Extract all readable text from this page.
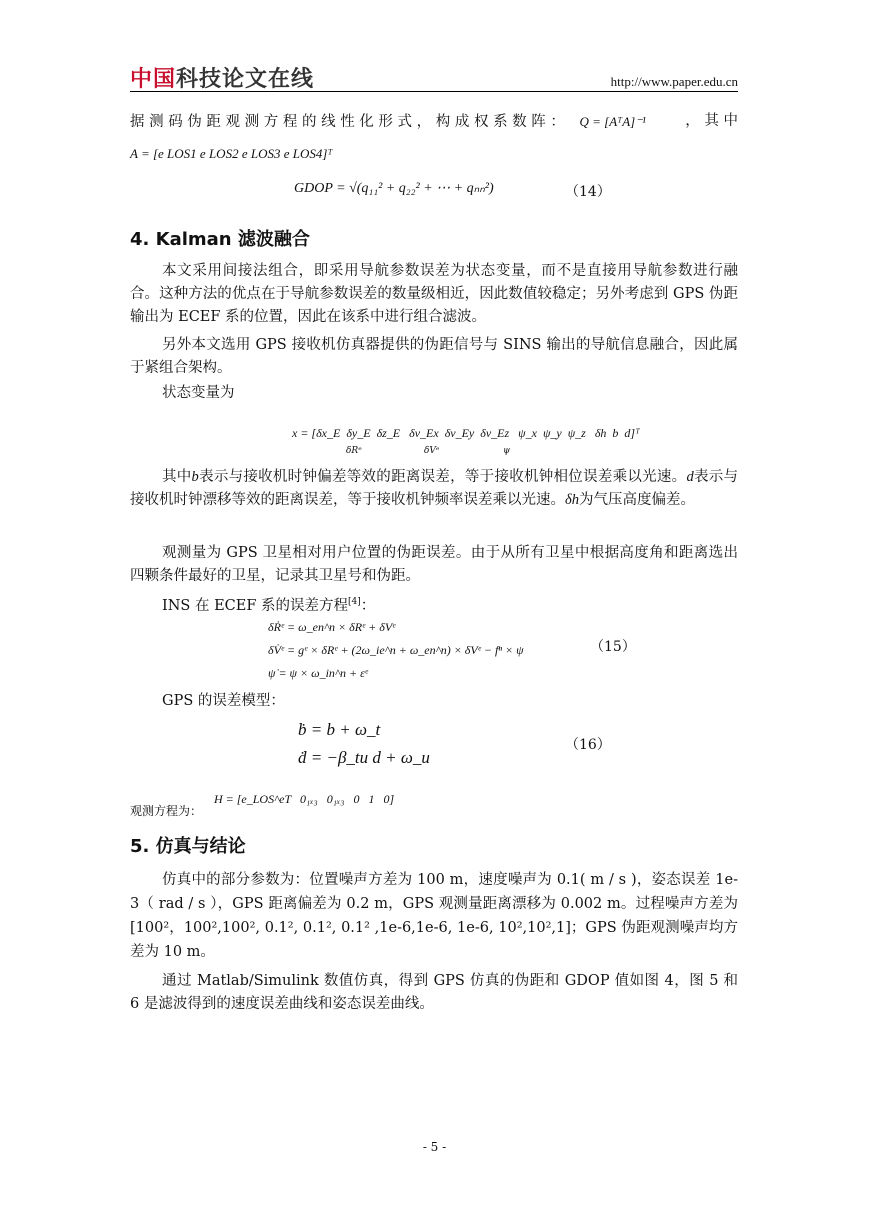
中国科技论文在线	http://www.paper.edu.cn
据 测 码 伪 距 观 测 方 程 的 线 性 化 形 式 ， 构 成 权 系 数 阵 ： Q = [AᵀA]⁻¹	， 其 中
A = [e LOS1 e LOS2 e LOS3 e LOS4]ᵀ
GDOP = √(q₁₁² + q₂₂² + ⋯ + qₙₙ²)	（14）
4. Kalman 滤波融合
本文采用间接法组合，即采用导航参数误差为状态变量，而不是直接用导航参数进行融合。这种方法的优点在于导航参数误差的数量级相近，因此数值较稳定；另外考虑到 GPS 伪距输出为 ECEF 系的位置，因此在该系中进行组合滤波。
另外本文选用 GPS 接收机仿真器提供的伪距信号与 SINS 输出的导航信息融合，因此属于紧组合架构。
状态变量为
x = [δx_E  δy_E  δz_E   δv_Ex  δv_Ey  δv_Ez   ψ_x  ψ_y  ψ_z   δh  b  d]ᵀ
δRᵉ	δVᵉ	ψ
其中b表示与接收机时钟偏差等效的距离误差，等于接收机钟相位误差乘以光速。d表示与接收机时钟漂移等效的距离误差，等于接收机钟频率误差乘以光速。δh为气压高度偏差。
观测量为 GPS 卫星相对用户位置的伪距误差。由于从所有卫星中根据高度角和距离选出四颗条件最好的卫星，记录其卫星号和伪距。
INS 在 ECEF 系的误差方程[4]：
δṘᵉ = ω_en^n × δRᵉ + δVᵉ
δV̇ᵉ = gᵉ × δRᵉ + (2ω_ie^n + ω_en^n) × δVᵉ − fⁿ × ψ
ψ̇ = ψ × ω_in^n + εᵉ
（15）
GPS 的误差模型：
ḃ = b + ω_t
ḋ = −β_tu d + ω_u
（16）
观测方程为：
H = [e_LOS^eT   0₁ₓ₃   0₁ₓ₃   0   1   0]
5. 仿真与结论
仿真中的部分参数为：位置噪声方差为 100 m，速度噪声为 0.1( m / s )，姿态误差 1e-3（ rad / s ），GPS 距离偏差为 0.2 m，GPS 观测量距离漂移为 0.002 m。过程噪声方差为 [100²，100²,100², 0.1², 0.1², 0.1² ,1e-6,1e-6, 1e-6, 10²,10²,1]；GPS 伪距观测噪声均方差为 10 m。
通过 Matlab/Simulink 数值仿真，得到 GPS 仿真的伪距和 GDOP 值如图 4，图 5 和 6 是滤波得到的速度误差曲线和姿态误差曲线。
- 5 -
